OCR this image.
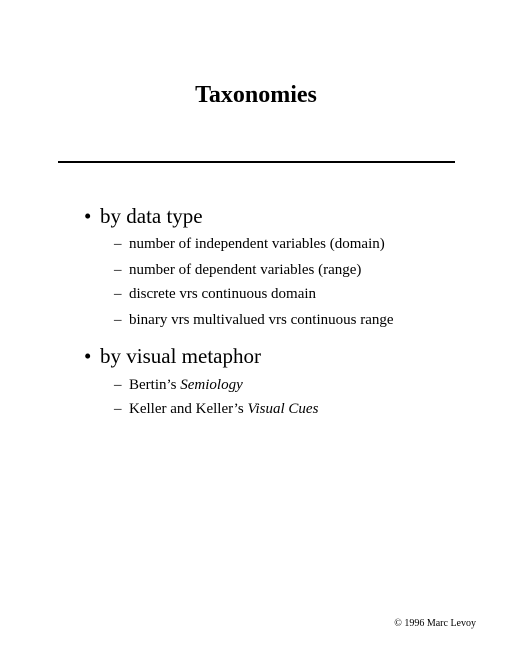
Taxonomies
• by data type
– number of independent variables (domain)
– number of dependent variables (range)
– discrete vrs continuous domain
– binary vrs multivalued vrs continuous range
• by visual metaphor
– Bertin’s Semiology
– Keller and Keller’s Visual Cues
© 1996 Marc Levoy
